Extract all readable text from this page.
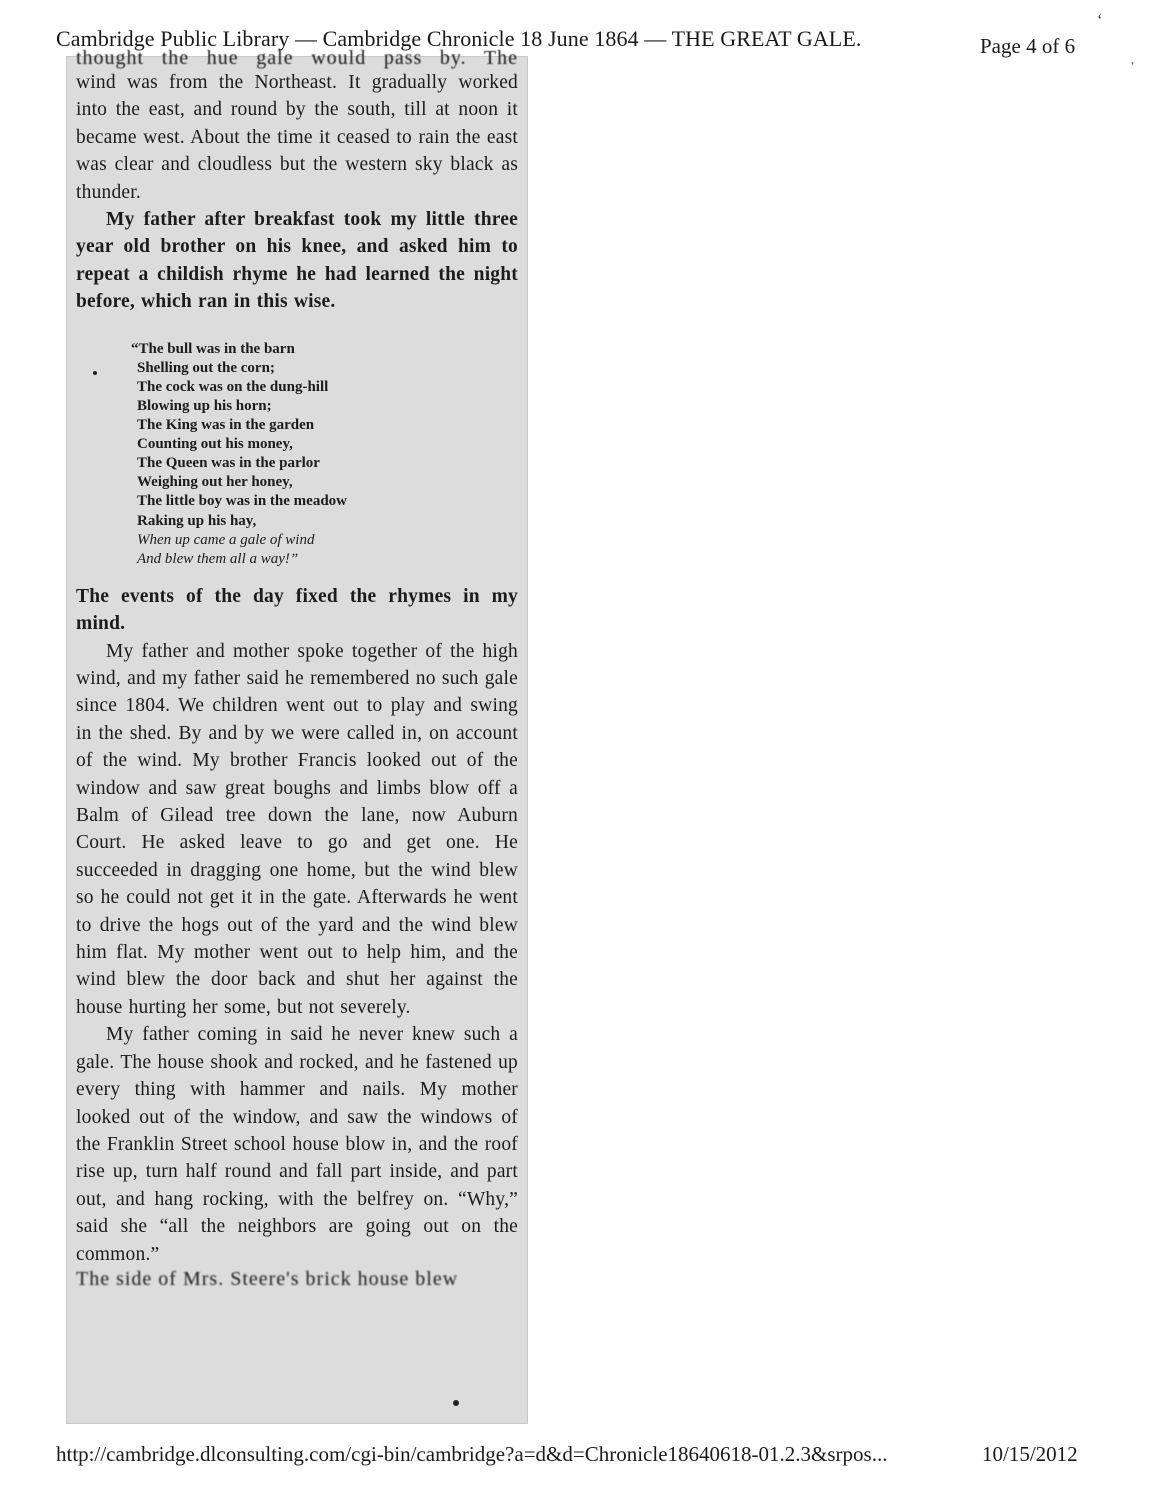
Cambridge Public Library — Cambridge Chronicle 18 June 1864 — THE GREAT GALE.	Page 4 of 6
‘
ˌ
thought the hue gale would pass by. The

wind was from the Northeast. It gradually worked into the east, and round by the south, till at noon it became west. About the time it ceased to rain the east was clear and cloudless but the western sky black as thunder.

My father after breakfast took my little three year old brother on his knee, and asked him to repeat a childish rhyme he had learned the night before, which ran in this wise.

“The bull was in the barn
Shelling out the corn;
The cock was on the dung-hill
Blowing up his horn;
The King was in the garden
Counting out his money,
The Queen was in the parlor
Weighing out her honey,
The little boy was in the meadow
Raking up his hay,
When up came a gale of wind
And blew them all a way!”

The events of the day fixed the rhymes in my mind.

My father and mother spoke together of the high wind, and my father said he remembered no such gale since 1804. We children went out to play and swing in the shed. By and by we were called in, on account of the wind. My brother Francis looked out of the window and saw great boughs and limbs blow off a Balm of Gilead tree down the lane, now Auburn Court. He asked leave to go and get one. He succeeded in dragging one home, but the wind blew so he could not get it in the gate. Afterwards he went to drive the hogs out of the yard and the wind blew him flat. My mother went out to help him, and the wind blew the door back and shut her against the house hurting her some, but not severely.

My father coming in said he never knew such a gale. The house shook and rocked, and he fastened up every thing with hammer and nails. My mother looked out of the window, and saw the windows of the Franklin Street school house blow in, and the roof rise up, turn half round and fall part inside, and part out, and hang rocking, with the belfrey on. “Why,” said she “all the neighbors are going out on the common.”

The side of Mrs. Steere's brick house blew
http://cambridge.dlconsulting.com/cgi-bin/cambridge?a=d&d=Chronicle18640618-01.2.3&srpos...	10/15/2012
